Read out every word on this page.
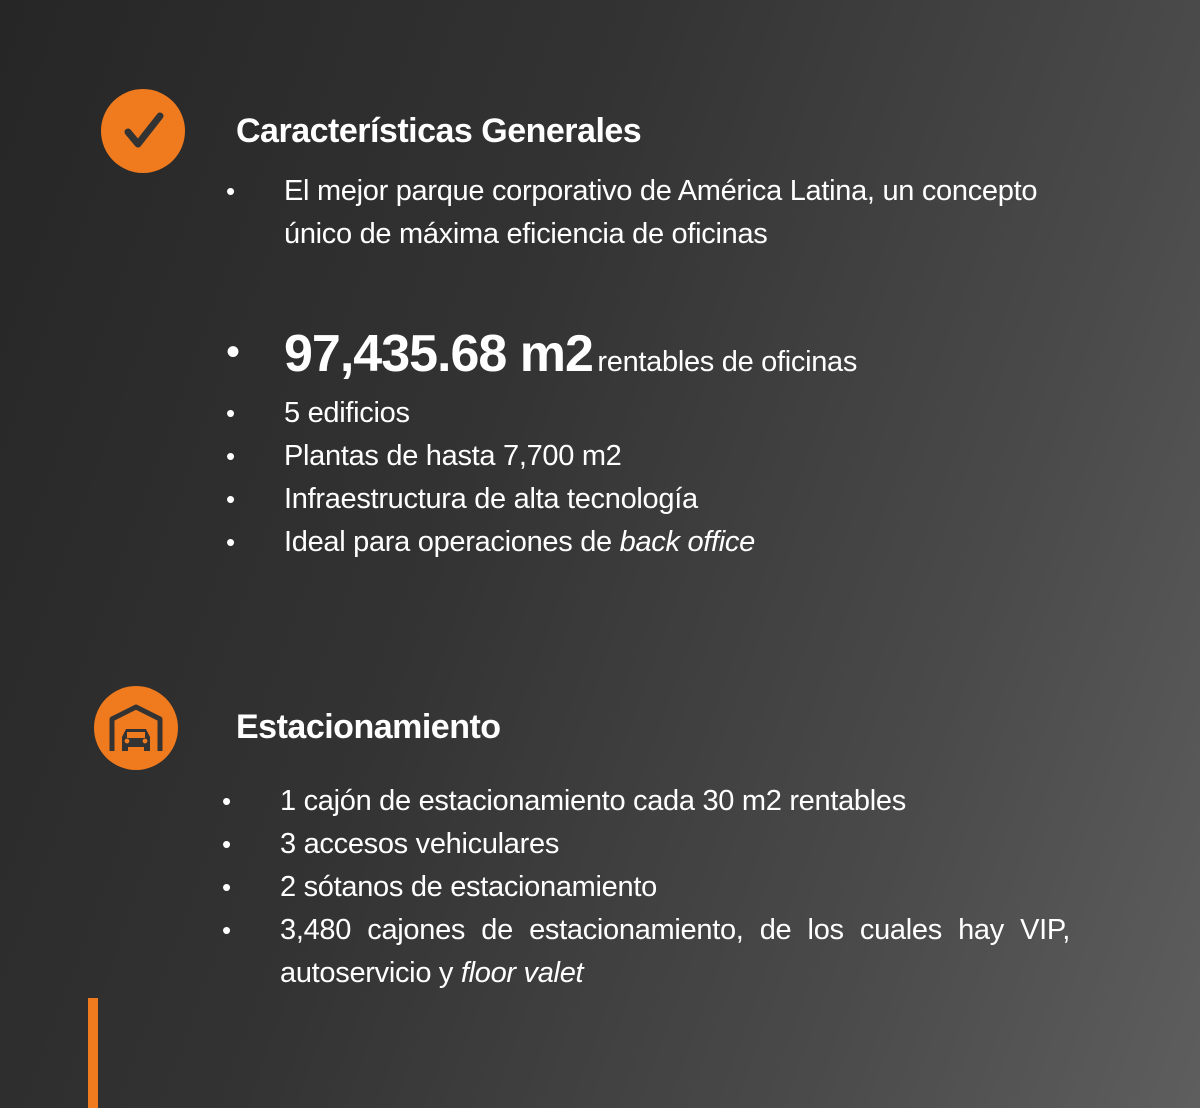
Características Generales
• El mejor parque corporativo de América Latina, un concepto único de máxima eficiencia de oficinas
• 97,435.68 m2 rentables de oficinas
• 5 edificios
• Plantas de hasta 7,700 m2
• Infraestructura de alta tecnología
• Ideal para operaciones de back office
Estacionamiento
• 1 cajón de estacionamiento cada 30 m2 rentables
• 3 accesos vehiculares
• 2 sótanos de estacionamiento
• 3,480 cajones de estacionamiento, de los cuales hay VIP, autoservicio y floor valet
